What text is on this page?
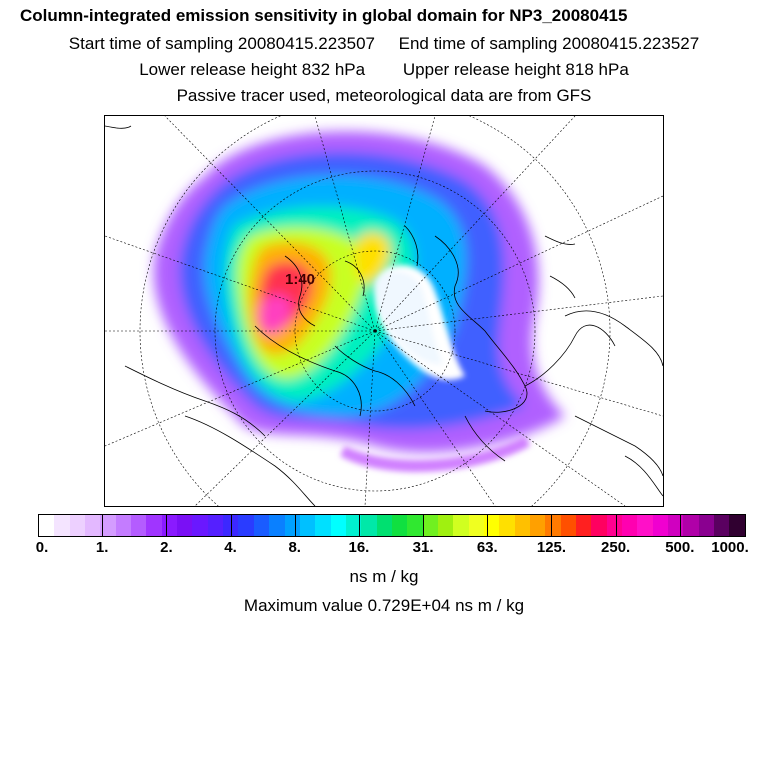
Column-integrated emission sensitivity in global domain for NP3_20080415
Start time of sampling 20080415.223507 End time of sampling 20080415.223527
Lower release height 832 hPa Upper release height 818 hPa
Passive tracer used, meteorological data are from GFS
1:40
0.	1.	2.	4.	8.	16.	31.	63.	125. 250. 500. 1000.
ns m / kg
Maximum value 0.729E+04 ns m / kg
